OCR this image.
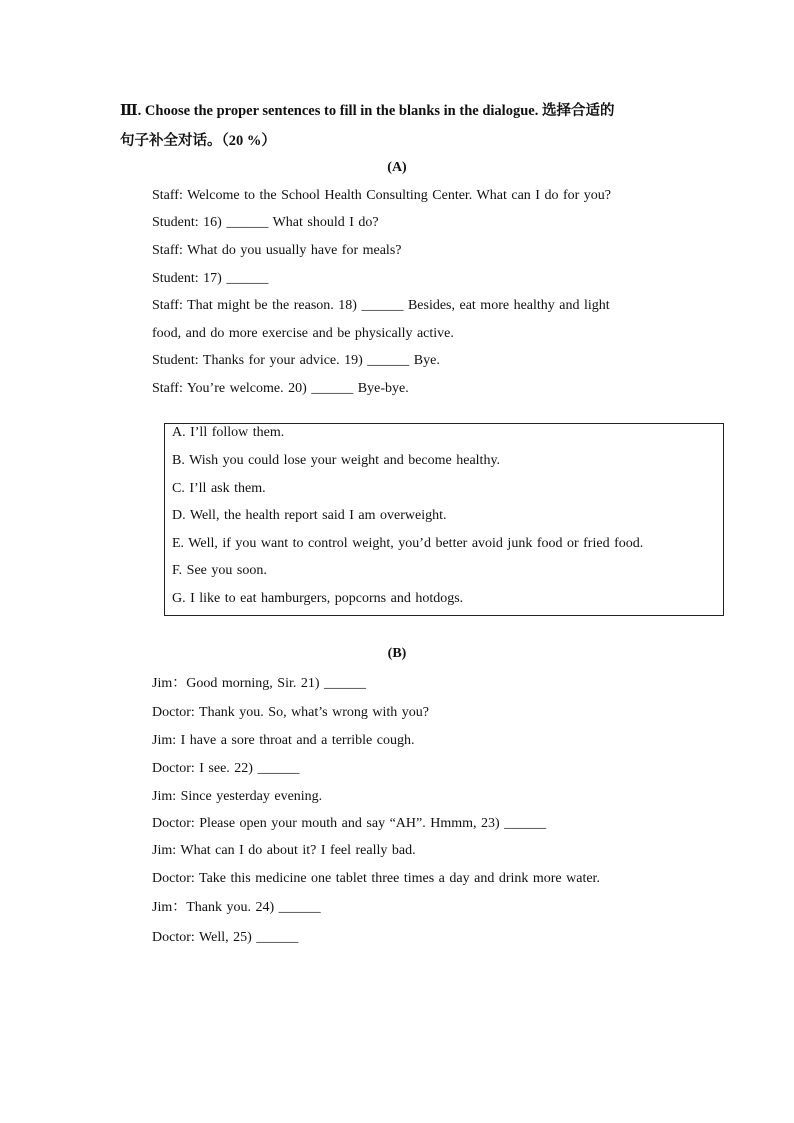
Ⅲ. Choose the proper sentences to fill in the blanks in the dialogue. 选择合适的
句子补全对话。（20 %）
(A)
Staff: Welcome to the School Health Consulting Center. What can I do for you?
Student: 16) ______ What should I do?
Staff: What do you usually have for meals?
Student: 17) ______
Staff: That might be the reason. 18) ______ Besides, eat more healthy and light
food, and do more exercise and be physically active.
Student: Thanks for your advice. 19) ______ Bye.
Staff: You’re welcome. 20) ______ Bye-bye.
A. I’ll follow them.
B. Wish you could lose your weight and become healthy.
C. I’ll ask them.
D. Well, the health report said I am overweight.
E. Well, if you want to control weight, you’d better avoid junk food or fried food.
F. See you soon.
G. I like to eat hamburgers, popcorns and hotdogs.
(B)
Jim：Good morning, Sir. 21) ______
Doctor: Thank you. So, what’s wrong with you?
Jim: I have a sore throat and a terrible cough.
Doctor: I see. 22) ______
Jim: Since yesterday evening.
Doctor: Please open your mouth and say “AH”. Hmmm, 23) ______
Jim: What can I do about it? I feel really bad.
Doctor: Take this medicine one tablet three times a day and drink more water.
Jim：Thank you. 24) ______
Doctor: Well, 25) ______
